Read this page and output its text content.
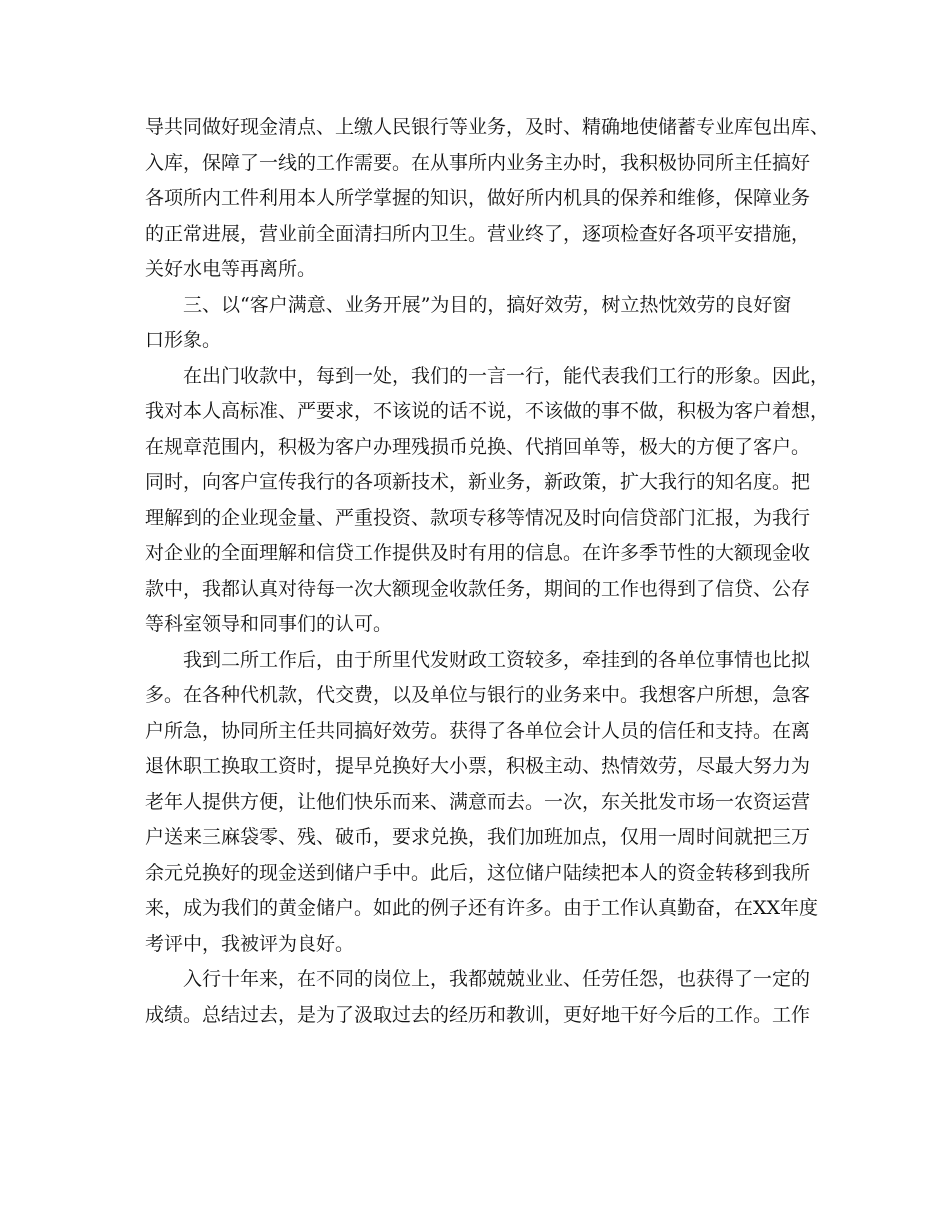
导共同做好现金清点、上缴人民银行等业务，及时、精确地使储蓄专业库包出库、
入库，保障了一线的工作需要。在从事所内业务主办时，我积极协同所主任搞好
各项所内工件利用本人所学掌握的知识，做好所内机具的保养和维修，保障业务
的正常进展，营业前全面清扫所内卫生。营业终了，逐项检查好各项平安措施，
关好水电等再离所。
三、以“客户满意、业务开展”为目的，搞好效劳，树立热忱效劳的良好窗
口形象。
在出门收款中，每到一处，我们的一言一行，能代表我们工行的形象。因此，
我对本人高标准、严要求，不该说的话不说，不该做的事不做，积极为客户着想，
在规章范围内，积极为客户办理残损币兑换、代捎回单等，极大的方便了客户。
同时，向客户宣传我行的各项新技术，新业务，新政策，扩大我行的知名度。把
理解到的企业现金量、严重投资、款项专移等情况及时向信贷部门汇报，为我行
对企业的全面理解和信贷工作提供及时有用的信息。在许多季节性的大额现金收
款中，我都认真对待每一次大额现金收款任务，期间的工作也得到了信贷、公存
等科室领导和同事们的认可。
我到二所工作后，由于所里代发财政工资较多，牵挂到的各单位事情也比拟
多。在各种代机款，代交费，以及单位与银行的业务来中。我想客户所想，急客
户所急，协同所主任共同搞好效劳。获得了各单位会计人员的信任和支持。在离
退休职工换取工资时，提早兑换好大小票，积极主动、热情效劳，尽最大努力为
老年人提供方便，让他们快乐而来、满意而去。一次，东关批发市场一农资运营
户送来三麻袋零、残、破币，要求兑换，我们加班加点，仅用一周时间就把三万
余元兑换好的现金送到储户手中。此后，这位储户陆续把本人的资金转移到我所
来，成为我们的黄金储户。如此的例子还有许多。由于工作认真勤奋，在XX年度
考评中，我被评为良好。
入行十年来，在不同的岗位上，我都兢兢业业、任劳任怨，也获得了一定的
成绩。总结过去，是为了汲取过去的经历和教训，更好地干好今后的工作。工作
